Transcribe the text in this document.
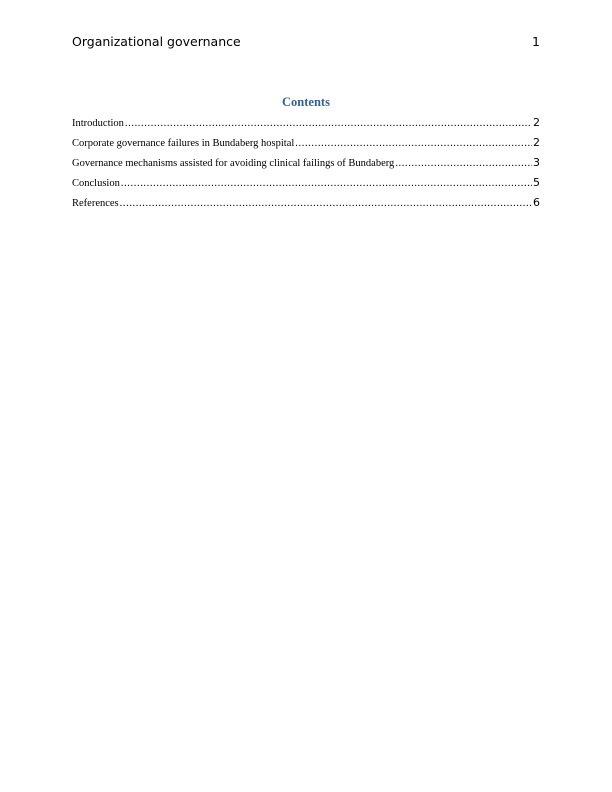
Organizational governance	1
Contents
Introduction .....	2
Corporate governance failures in Bundaberg hospital .....	2
Governance mechanisms assisted for avoiding clinical failings of Bundaberg .....	3
Conclusion .....	5
References .....	6
